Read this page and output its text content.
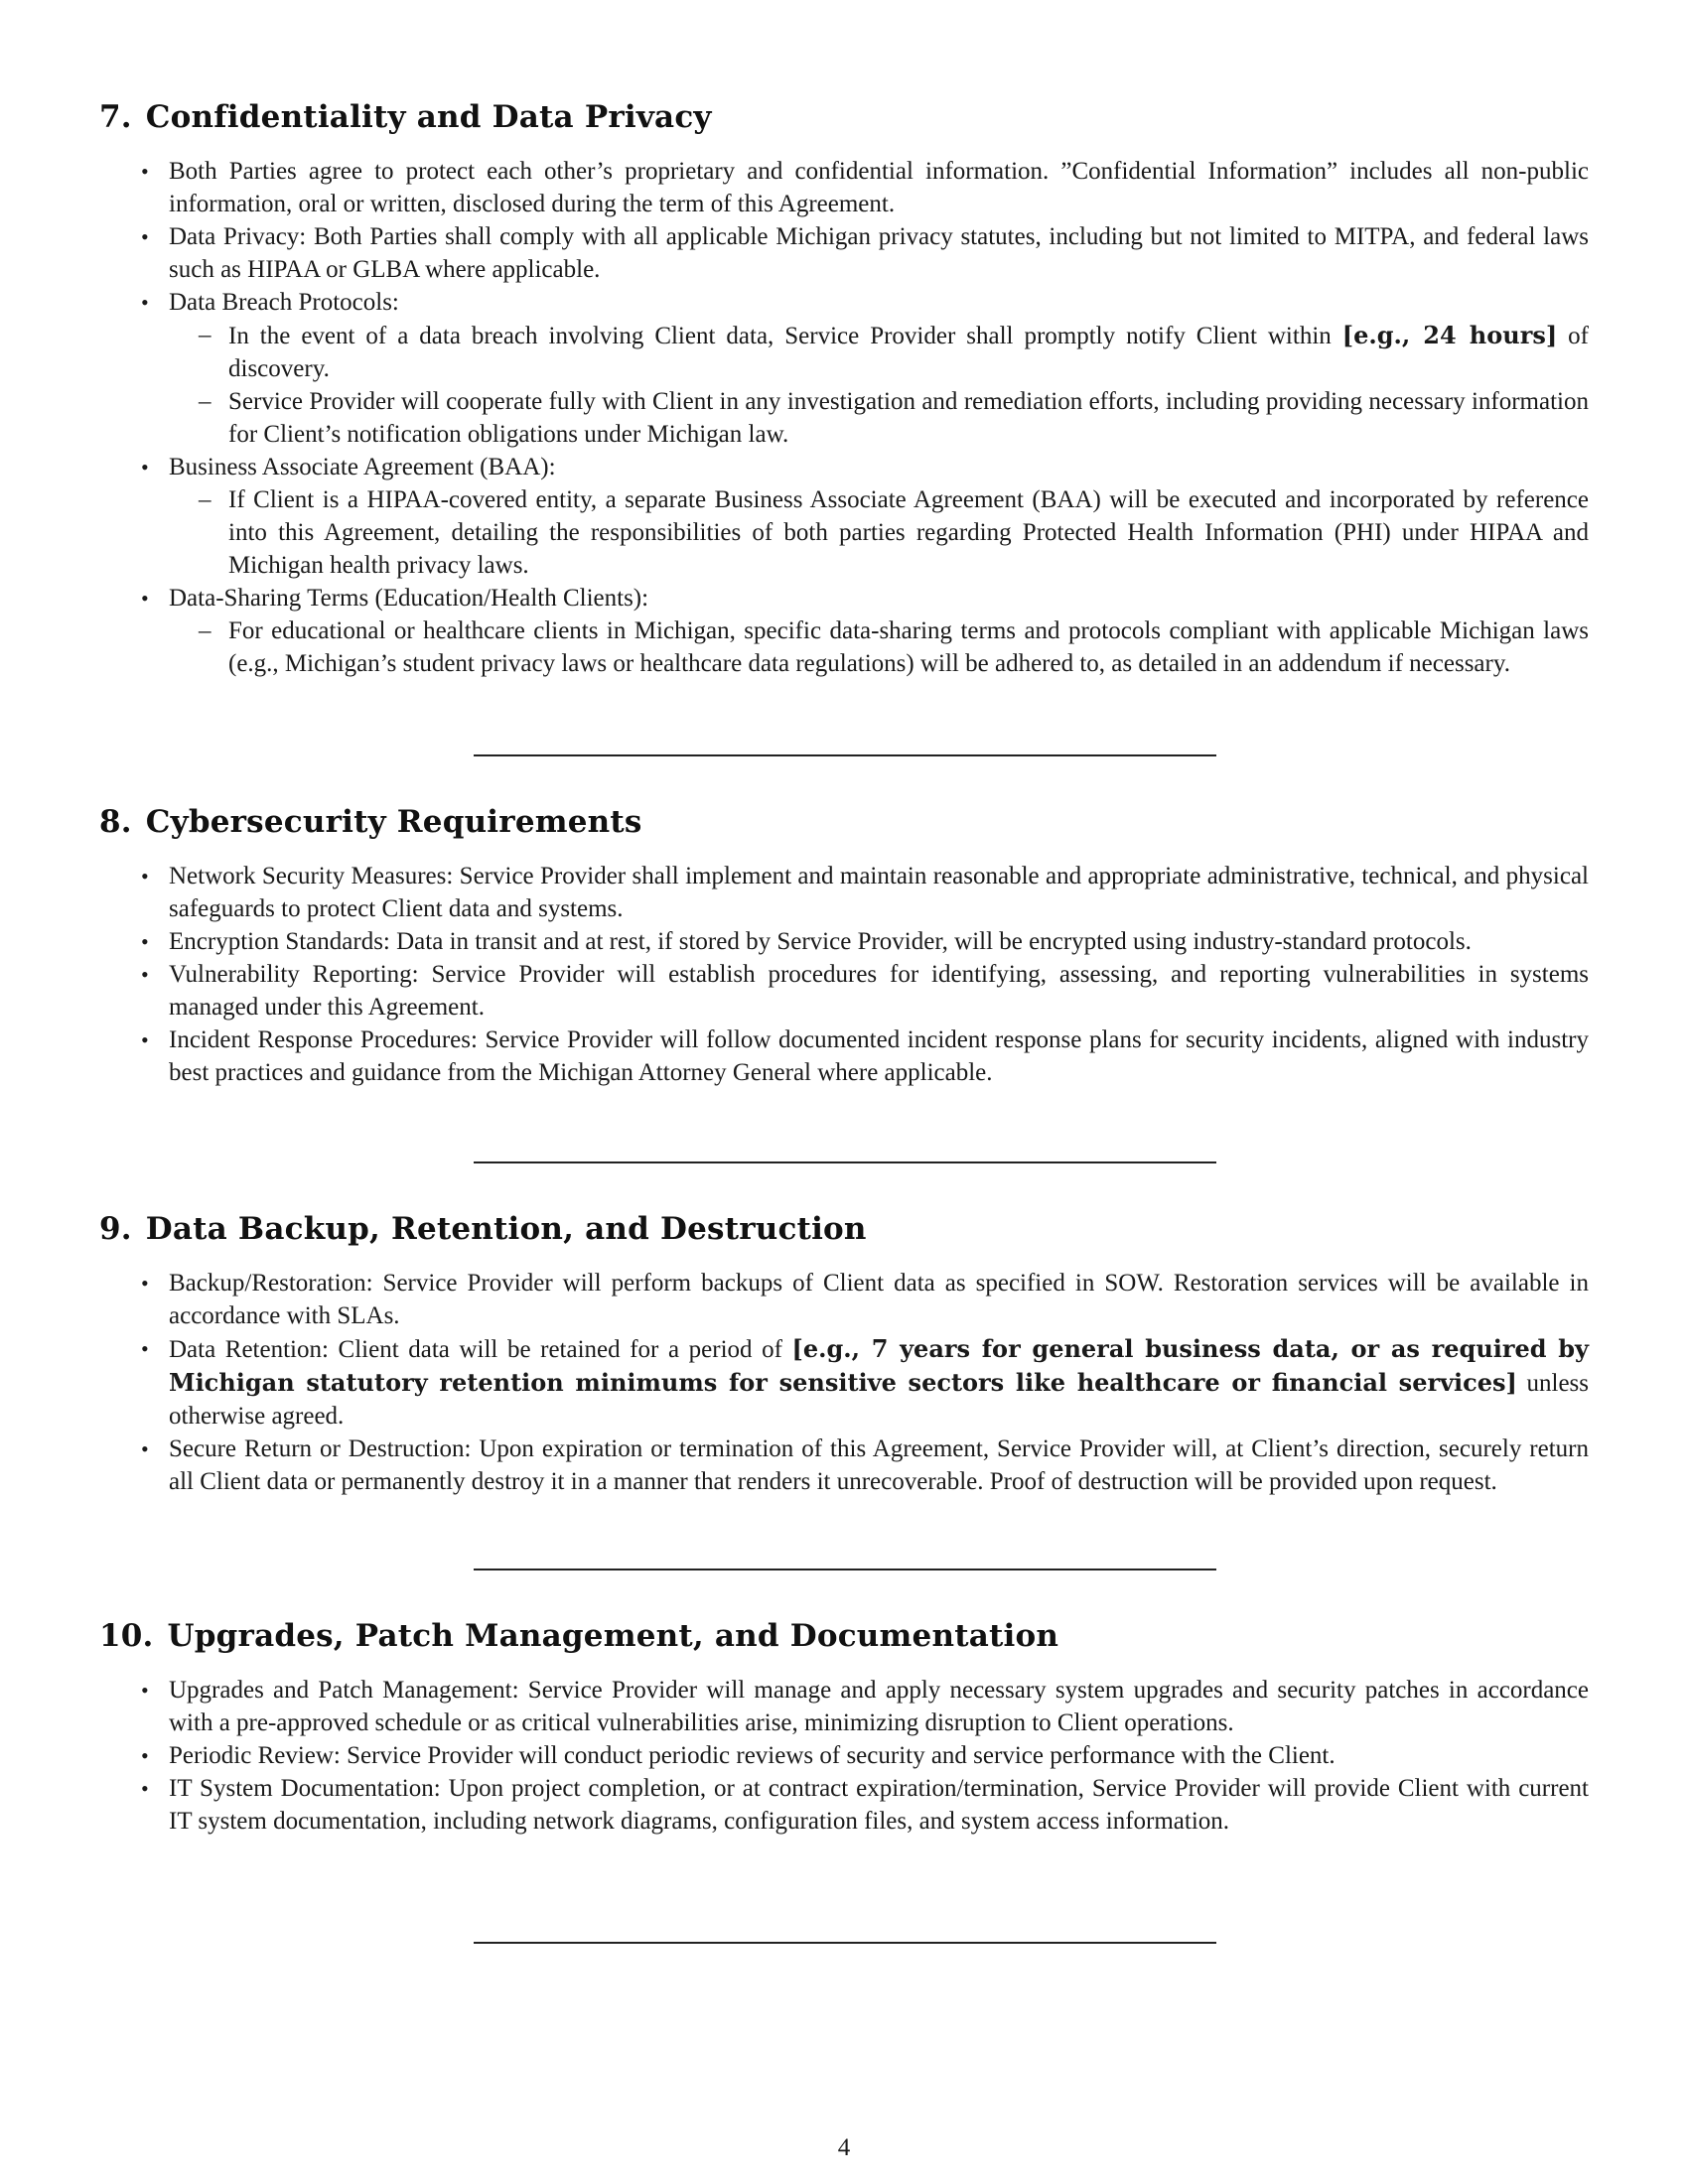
7. Confidentiality and Data Privacy
• Both Parties agree to protect each other’s proprietary and confidential information. ”Confidential Information” includes all non-public information, oral or written, disclosed during the term of this Agreement.
• Data Privacy: Both Parties shall comply with all applicable Michigan privacy statutes, including but not limited to MITPA, and federal laws such as HIPAA or GLBA where applicable.
• Data Breach Protocols:
– In the event of a data breach involving Client data, Service Provider shall promptly notify Client within [e.g., 24 hours] of discovery.
– Service Provider will cooperate fully with Client in any investigation and remediation efforts, including providing necessary information for Client’s notification obligations under Michigan law.
• Business Associate Agreement (BAA):
– If Client is a HIPAA-covered entity, a separate Business Associate Agreement (BAA) will be executed and incorporated by reference into this Agreement, detailing the responsibilities of both parties regarding Protected Health Information (PHI) under HIPAA and Michigan health privacy laws.
• Data-Sharing Terms (Education/Health Clients):
– For educational or healthcare clients in Michigan, specific data-sharing terms and protocols compliant with applicable Michigan laws (e.g., Michigan’s student privacy laws or healthcare data regulations) will be adhered to, as detailed in an addendum if necessary.
8. Cybersecurity Requirements
• Network Security Measures: Service Provider shall implement and maintain reasonable and appropriate administrative, technical, and physical safeguards to protect Client data and systems.
• Encryption Standards: Data in transit and at rest, if stored by Service Provider, will be encrypted using industry-standard protocols.
• Vulnerability Reporting: Service Provider will establish procedures for identifying, assessing, and reporting vulnerabilities in systems managed under this Agreement.
• Incident Response Procedures: Service Provider will follow documented incident response plans for security incidents, aligned with industry best practices and guidance from the Michigan Attorney General where applicable.
9. Data Backup, Retention, and Destruction
• Backup/Restoration: Service Provider will perform backups of Client data as specified in SOW. Restoration services will be available in accordance with SLAs.
• Data Retention: Client data will be retained for a period of [e.g., 7 years for general business data, or as required by Michigan statutory retention minimums for sensitive sectors like healthcare or financial services] unless otherwise agreed.
• Secure Return or Destruction: Upon expiration or termination of this Agreement, Service Provider will, at Client’s direction, securely return all Client data or permanently destroy it in a manner that renders it unrecoverable. Proof of destruction will be provided upon request.
10. Upgrades, Patch Management, and Documentation
• Upgrades and Patch Management: Service Provider will manage and apply necessary system upgrades and security patches in accordance with a pre-approved schedule or as critical vulnerabilities arise, minimizing disruption to Client operations.
• Periodic Review: Service Provider will conduct periodic reviews of security and service performance with the Client.
• IT System Documentation: Upon project completion, or at contract expiration/termination, Service Provider will provide Client with current IT system documentation, including network diagrams, configuration files, and system access information.
4
